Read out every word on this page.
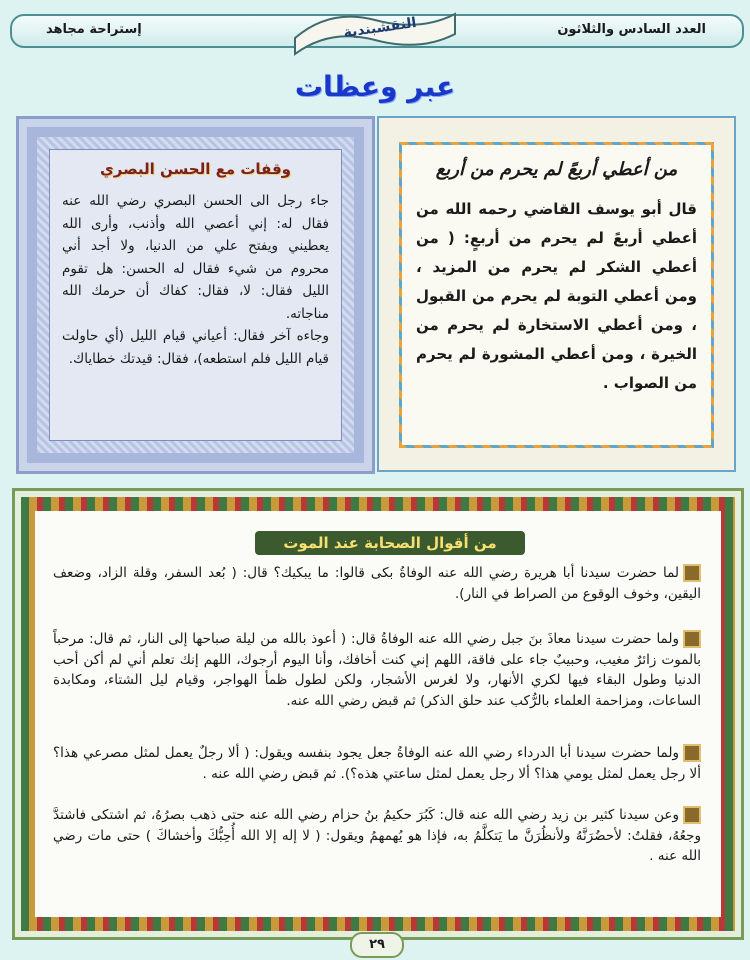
إستراحة مجاهد	العدد السادس والثلاثون
النقشبندية
عبر وعظات
من أعطي أربعً لم يحرم من أربع
قال أبو يوسف القاضي رحمه الله من أعطي أربعً لم يحرم من أربعٍ: ( من أعطي الشكر لم يحرم من المزيد ، ومن أعطي التوبة لم يحرم من القبول ، ومن أعطي الاستخارة لم يحرم من الخيرة ، ومن أعطي المشورة لم يحرم من الصواب .
وقفات مع الحسن البصري
جاء رجل الى الحسن البصري رضي الله عنه فقال له: إني أعصي الله وأذنب، وأرى الله يعطيني ويفتح علي من الدنيا، ولا أجد أني محروم من شيء فقال له الحسن: هل تقوم الليل فقال: لا، فقال: كفاك أن حرمك الله مناجاته.
وجاءه آخر فقال: أعياني قيام الليل (أي حاولت قيام الليل فلم استطعه)، فقال: قيدتك خطاياك.
من أقوال الصحابة عند الموت
لما حضرت سيدنا أبا هريرة رضي الله عنه الوفاةُ بكى قالوا: ما يبكيك؟ قال: ( بُعد السفر، وقلة الزاد، وضعف اليقين، وخوف الوقوع من الصراط في النار).
ولما حضرت سيدنا معاذَ بنَ جبل رضي الله عنه الوفاةُ قال: ( أعوذ بالله من ليلة صباحها إلى النار، ثم قال: مرحباً بالموت زائرٌ مغيب، وحبيبٌ جاء على فاقة، اللهم إني كنت أخافك، وأنا اليوم أرجوك، اللهم إنك تعلم أني لم أكن أحب الدنيا وطول البقاء فيها لكري الأنهار، ولا لغرس الأشجار، ولكن لطول ظمأ الهواجر، وقيام ليل الشتاء، ومكابدة الساعات، ومزاحمة العلماء بالرُّكب عند حلق الذكر) ثم قبض رضي الله عنه.
ولما حضرت سيدنا أبا الدرداء رضي الله عنه الوفاةُ جعل يجود بنفسه ويقول: ( ألا رجلٌ يعمل لمثل مصرعي هذا؟ ألا رجل يعمل لمثل يومي هذا؟ ألا رجل يعمل لمثل ساعتي هذه؟). ثم قبض رضي الله عنه .
وعن سيدنا كثير بن زيد رضي الله عنه قال: كَبُرَ حكيمُ بنُ حزام رضي الله عنه حتى ذهب بصرُهُ، ثم اشتكى فاشتدَّ وجعُهُ، فقلتُ: لأحضُرَنَّهُ ولأنظُرَنَّ ما يَتكلَّمُ به، فإذا هو يُهمهمُ ويقول: ( لا إله إلا الله أُحِبُّكَ وأخشاكَ ) حتى مات رضي الله عنه .
٢٩
